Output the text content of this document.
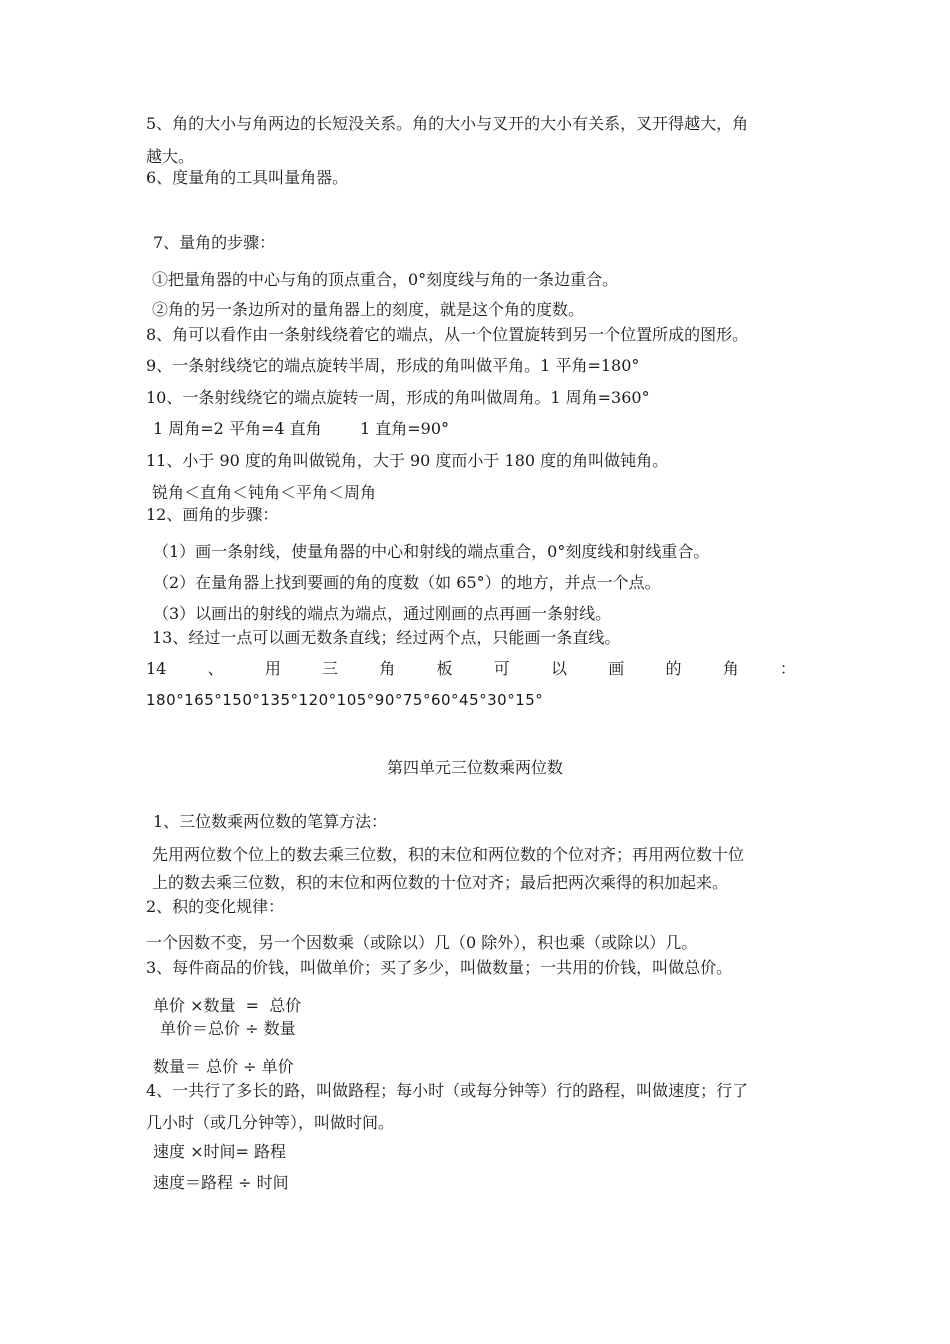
5、角的大小与角两边的长短没关系。角的大小与叉开的大小有关系，叉开得越大，角
越大。
6、度量角的工具叫量角器。
7、量角的步骤：
①把量角器的中心与角的顶点重合，0°刻度线与角的一条边重合。
②角的另一条边所对的量角器上的刻度，就是这个角的度数。
8、角可以看作由一条射线绕着它的端点，从一个位置旋转到另一个位置所成的图形。
9、一条射线绕它的端点旋转半周，形成的角叫做平角。1 平角=180°
10、一条射线绕它的端点旋转一周，形成的角叫做周角。1 周角=360°
1 周角=2 平角=4 直角 1 直角=90°
11、小于 90 度的角叫做锐角，大于 90 度而小于 180 度的角叫做钝角。
锐角＜直角＜钝角＜平角＜周角
12、画角的步骤：
（1）画一条射线，使量角器的中心和射线的端点重合，0°刻度线和射线重合。
（2）在量角器上找到要画的角的度数（如 65°）的地方，并点一个点。
（3）以画出的射线的端点为端点，通过刚画的点再画一条射线。
13、经过一点可以画无数条直线；经过两个点，只能画一条直线。
14	、	用	三	角	板	可	以	画	的	角	：
180°165°150°135°120°105°90°75°60°45°30°15°
第四单元三位数乘两位数
1、三位数乘两位数的笔算方法：
先用两位数个位上的数去乘三位数，积的末位和两位数的个位对齐；再用两位数十位
上的数去乘三位数，积的末位和两位数的十位对齐；最后把两次乘得的积加起来。
2、积的变化规律：
一个因数不变，另一个因数乘（或除以）几（0 除外），积也乘（或除以）几。
3、每件商品的价钱，叫做单价；买了多少，叫做数量；一共用的价钱，叫做总价。
单价 ×数量  =  总价
单价＝总价 ÷ 数量
数量＝ 总价 ÷ 单价
4、一共行了多长的路，叫做路程；每小时（或每分钟等）行的路程，叫做速度；行了
几小时（或几分钟等），叫做时间。
速度 ×时间= 路程
速度＝路程 ÷ 时间
